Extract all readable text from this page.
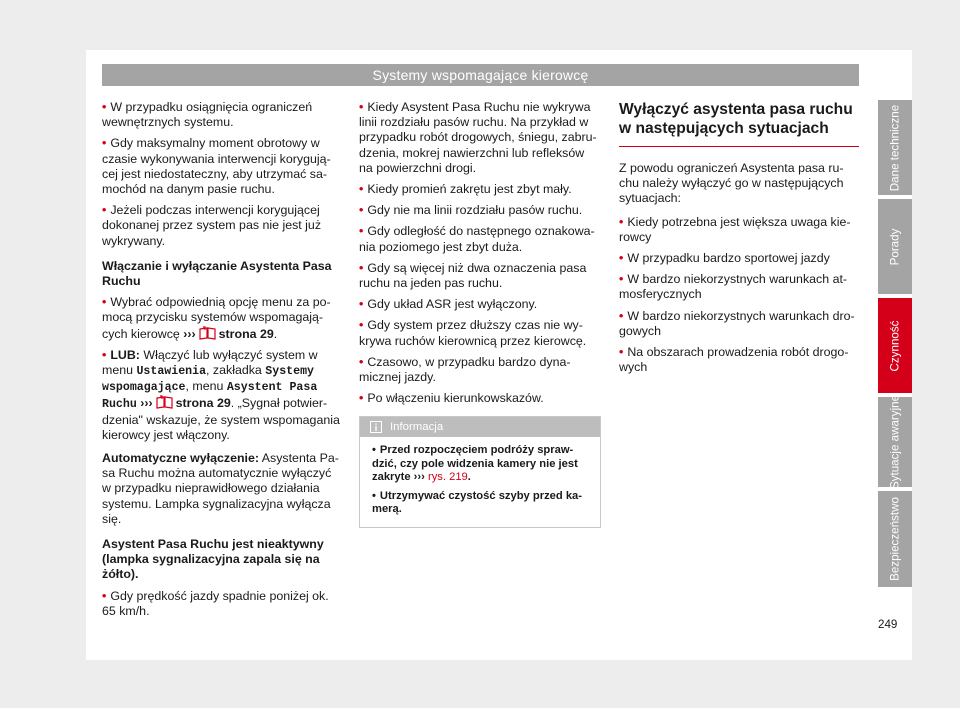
Systemy wspomagające kierowcę

• W przypadku osiągnięcia ograniczeń wewnętrznych systemu.

• Gdy maksymalny moment obrotowy w czasie wykonywania interwencji korygują-cej jest niedostateczny, aby utrzymać sa-mochód na danym pasie ruchu.

• Jeżeli podczas interwencji korygującej dokonanej przez system pas nie jest już wykrywany.

Włączanie i wyłączanie Asystenta Pasa Ruchu

• Wybrać odpowiednią opcję menu za po-mocą przycisku systemów wspomagają-cych kierowcę ››› strona 29.

• LUB: Włączyć lub wyłączyć system w menu Ustawienia, zakładka Systemy wspomagające, menu Asystent Pasa Ruchu ››› strona 29. „Sygnał potwier-dzenia" wskazuje, że system wspomagania kierowcy jest włączony.

Automatyczne wyłączenie: Asystenta Pa-sa Ruchu można automatycznie wyłączyć w przypadku nieprawidłowego działania systemu. Lampka sygnalizacyjna wyłącza się.

Asystent Pasa Ruchu jest nieaktywny (lampka sygnalizacyjna zapala się na żółto).

• Gdy prędkość jazdy spadnie poniżej ok. 65 km/h.

• Kiedy Asystent Pasa Ruchu nie wykrywa linii rozdziału pasów ruchu. Na przykład w przypadku robót drogowych, śniegu, zabru-dzenia, mokrej nawierzchni lub refleksów na powierzchni drogi.

• Kiedy promień zakrętu jest zbyt mały.

• Gdy nie ma linii rozdziału pasów ruchu.

• Gdy odległość do następnego oznakowa-nia poziomego jest zbyt duża.

• Gdy są więcej niż dwa oznaczenia pasa ruchu na jeden pas ruchu.

• Gdy układ ASR jest wyłączony.

• Gdy system przez dłuższy czas nie wy-krywa ruchów kierownicą przez kierowcę.

• Czasowo, w przypadku bardzo dyna-micznej jazdy.

• Po włączeniu kierunkowskazów.

Informacja

• Przed rozpoczęciem podróży spraw-dzić, czy pole widzenia kamery nie jest zakryte ››› rys. 219.

• Utrzymywać czystość szyby przed ka-merą.

Wyłączyć asystenta pasa ruchu w następujących sytuacjach

Z powodu ograniczeń Asystenta pasa ru-chu należy wyłączyć go w następujących sytuacjach:

• Kiedy potrzebna jest większa uwaga kie-rowcy

• W przypadku bardzo sportowej jazdy

• W bardzo niekorzystnych warunkach at-mosferycznych

• W bardzo niekorzystnych warunkach dro-gowych

• Na obszarach prowadzenia robót drogo-wych

Dane techniczne
Porady
Czynność
Sytuacje awaryjne
Bezpieczeństwo
249
